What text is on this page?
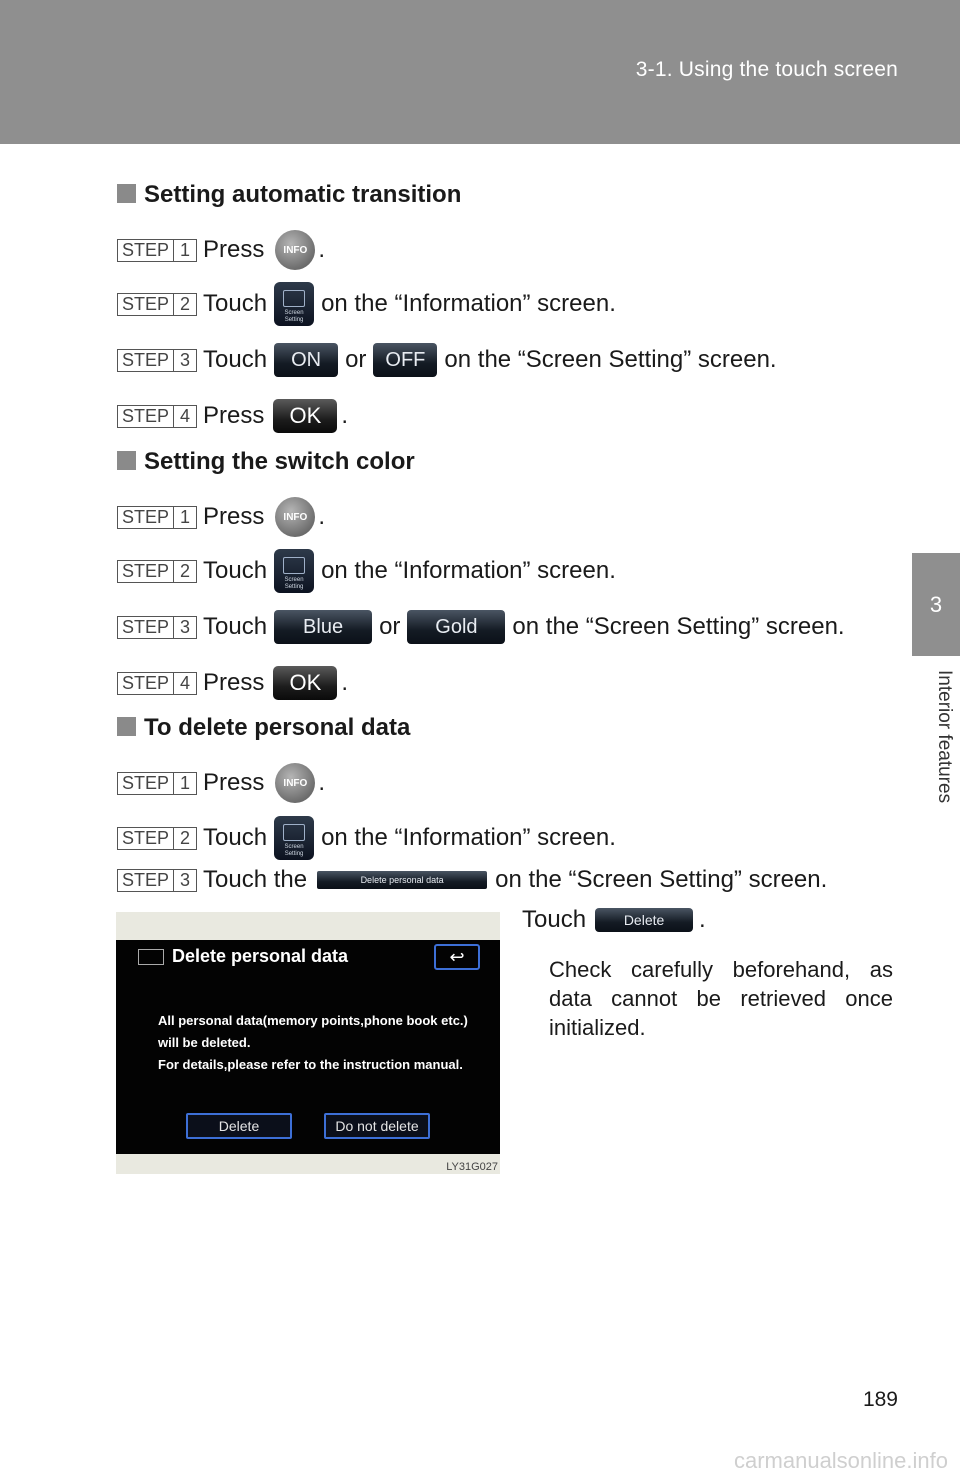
3-1. Using the touch screen
3
Interior features
Setting automatic transition
STEP 1 Press	INFO .
STEP 2 Touch	Screen
Setting
on the “Information” screen.
STEP 3 Touch	ON	or OFF on the “Screen Setting” screen.
STEP 4 Press	OK .
Setting the switch color
STEP 1 Press	INFO .
STEP 2 Touch	Screen
Setting
on the “Information” screen.
STEP 3 Touch	Blue	or	Gold	on the “Screen Setting” screen.
STEP 4 Press	OK .
To delete personal data
STEP 1 Press	INFO .
STEP 2 Touch	Screen
Setting
on the “Information” screen.
STEP 3 Touch the	Delete personal data	on the “Screen Setting” screen.
Touch	Delete	.
Delete personal data	↩
All personal data(memory points,phone book etc.)
will be deleted.
For details,please refer to the instruction manual.
Delete	Do not delete
LY31G027
Check carefully beforehand, as data cannot be retrieved once initialized.
189
carmanualsonline.info
